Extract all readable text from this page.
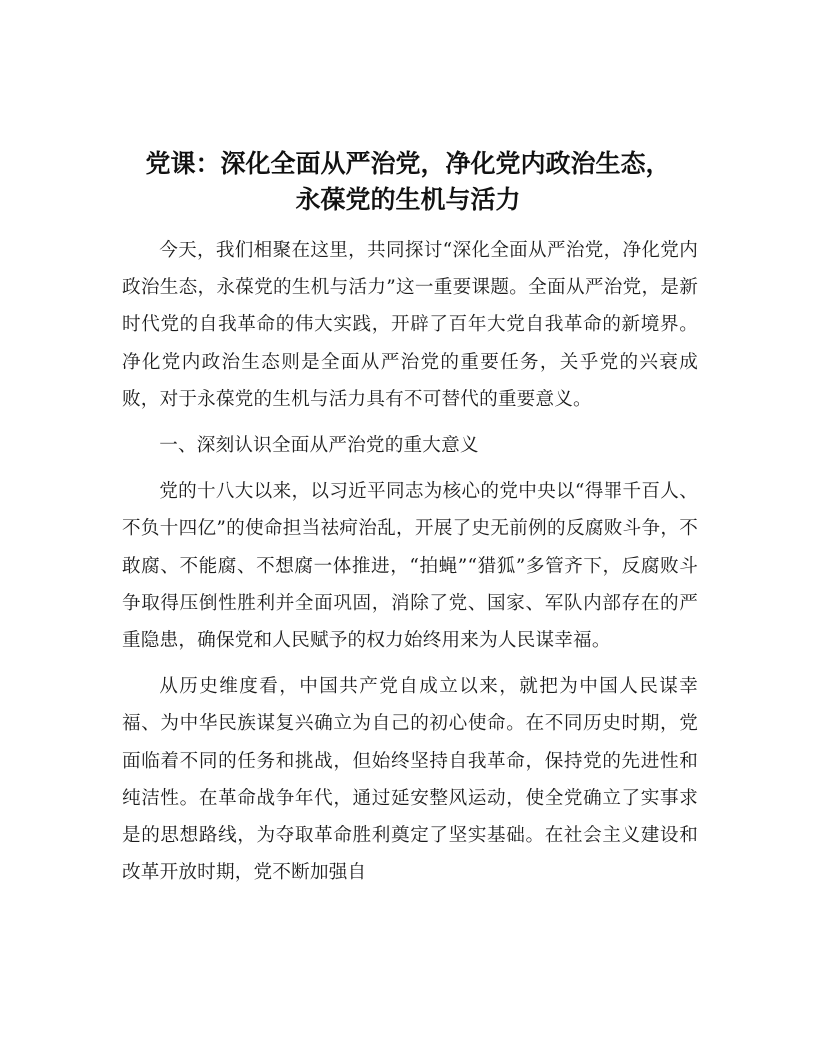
党课：深化全面从严治党，净化党内政治生态，
永葆党的生机与活力

今天，我们相聚在这里，共同探讨“深化全面从严治党，净化党内政治生态，永葆党的生机与活力”这一重要课题。全面从严治党，是新时代党的自我革命的伟大实践，开辟了百年大党自我革命的新境界。净化党内政治生态则是全面从严治党的重要任务，关乎党的兴衰成败，对于永葆党的生机与活力具有不可替代的重要意义。

一、深刻认识全面从严治党的重大意义

党的十八大以来，以习近平同志为核心的党中央以“得罪千百人、不负十四亿”的使命担当祛疴治乱，开展了史无前例的反腐败斗争，不敢腐、不能腐、不想腐一体推进，“拍蝇”“猎狐”多管齐下，反腐败斗争取得压倒性胜利并全面巩固，消除了党、国家、军队内部存在的严重隐患，确保党和人民赋予的权力始终用来为人民谋幸福。

从历史维度看，中国共产党自成立以来，就把为中国人民谋幸福、为中华民族谋复兴确立为自己的初心使命。在不同历史时期，党面临着不同的任务和挑战，但始终坚持自我革命，保持党的先进性和纯洁性。在革命战争年代，通过延安整风运动，使全党确立了实事求是的思想路线，为夺取革命胜利奠定了坚实基础。在社会主义建设和改革开放时期，党不断加强自
